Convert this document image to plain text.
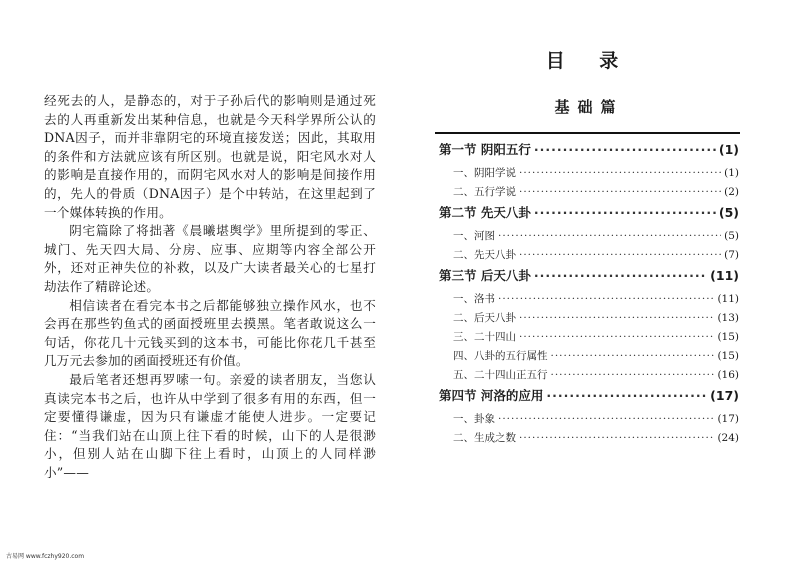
经死去的人，是静态的，对于子孙后代的影响则是通过死去的人再重新发出某种信息，也就是今天科学界所公认的DNA因子，而并非靠阴宅的环境直接发送；因此，其取用的条件和方法就应该有所区别。也就是说，阳宅风水对人的影响是直接作用的，而阴宅风水对人的影响是间接作用的，先人的骨质（DNA因子）是个中转站，在这里起到了一个媒体转换的作用。

阴宅篇除了将拙著《晨曦堪舆学》里所提到的零正、城门、先天四大局、分房、应事、应期等内容全部公开外，还对正神失位的补救，以及广大读者最关心的七星打劫法作了精辟论述。

相信读者在看完本书之后都能够独立操作风水，也不会再在那些钓鱼式的函面授班里去摸黑。笔者敢说这么一句话，你花几十元钱买到的这本书，可能比你花几千甚至几万元去参加的函面授班还有价值。

最后笔者还想再罗嗦一句。亲爱的读者朋友，当您认真读完本书之后，也许从中学到了很多有用的东西，但一定要懂得谦虚，因为只有谦虚才能使人进步。一定要记住：“当我们站在山顶上往下看的时候，山下的人是很渺小，但别人站在山脚下往上看时，山顶上的人同样渺小”——

目 录
基础篇
第一节 阴阳五行 ·····	(1)
一、阴阳学说 ·····	(1)
二、五行学说 ·····	(2)
第二节 先天八卦 ·····	(5)
一、河图 ·····	(5)
二、先天八卦 ·····	(7)
第三节 后天八卦 ·····	(11)
一、洛书 ·····	(11)
二、后天八卦 ·····	(13)
三、二十四山 ·····	(15)
四、八卦的五行属性 ·····	(15)
五、二十四山正五行 ·····	(16)
第四节 河洛的应用 ·····	(17)
一、卦象 ·····	(17)
二、生成之数 ·····	(24)
古易网 www.fczhy920.com
